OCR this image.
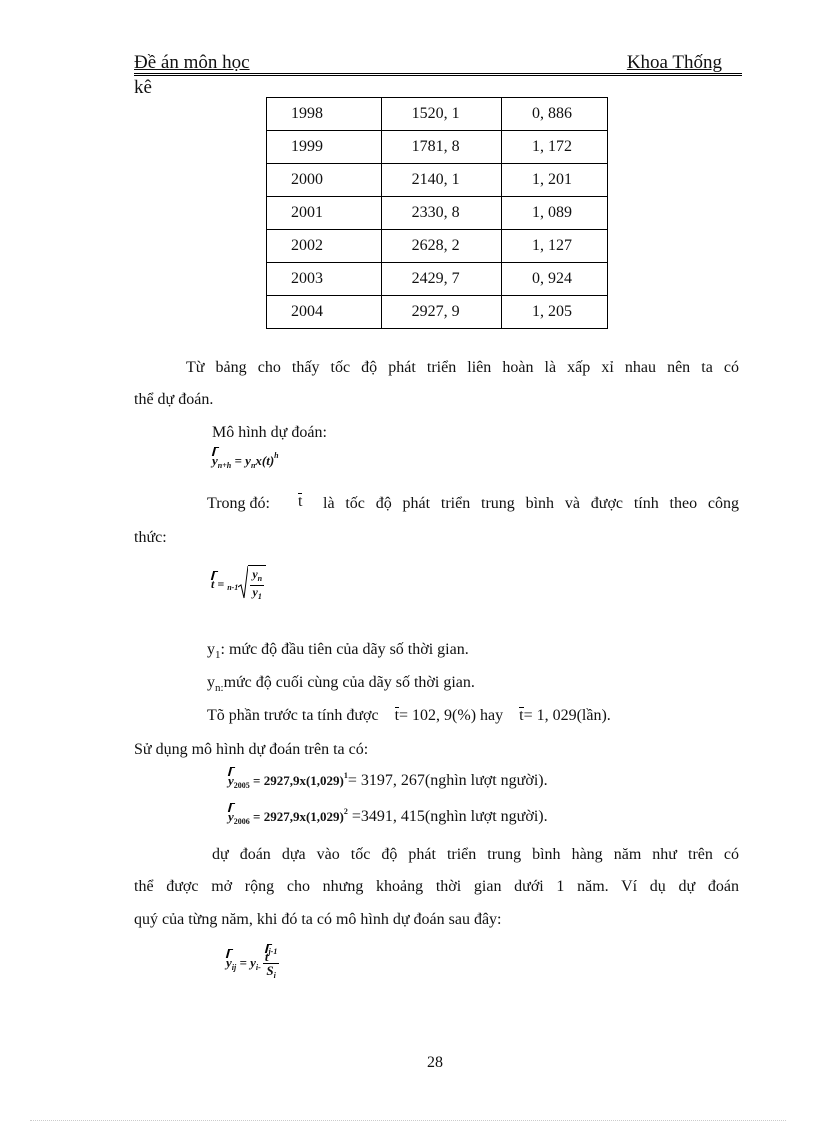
Đề án môn học	Khoa Thống
kê
1998	1520, 1	0, 886
1999	1781, 8	1, 172
2000	2140, 1	1, 201
2001	2330, 8	1, 089
2002	2628, 2	1, 127
2003	2429, 7	0, 924
2004	2927, 9	1, 205
Từ bảng cho thấy tốc độ phát triển liên hoàn là xấp xỉ nhau nên ta có
thể dự đoán.
Mô hình dự đoán:
$y_{n+h} = y_nx(t)^h$
Trong đó: t là tốc độ phát triển trung bình và được tính theo công
thức:
$t = _{n-1} \frac{y_n}{y_1}$
$y_1$: mức độ đầu tiên của dãy số thời gian.
$y_{n:}mức$ độ cuối cùng của dãy số thời gian.
Tõ phần trước ta tính được t= 102, 9(%) hay t= 1, 029(lần).
Sử dụng mô hình dự đoán trên ta có:
$y_{2005} = 2927,9x(1,029)^1= 3197$, 267(nghìn lượt người).
$y_{2006} = 2927,9x(1,029)^2 =3491$, 415(nghìn lượt người).
dự đoán dựa vào tốc độ phát triển trung bình hàng năm như trên có
thể được mở rộng cho nhưng khoảng thời gian dưới 1 năm. Ví dụ dự đoán
quý của từng năm, khi đó ta có mô hình dự đoán sau đây:
$y_{ij} = y_{i-} \frac{t^{j-1}}{S_i}$
28
